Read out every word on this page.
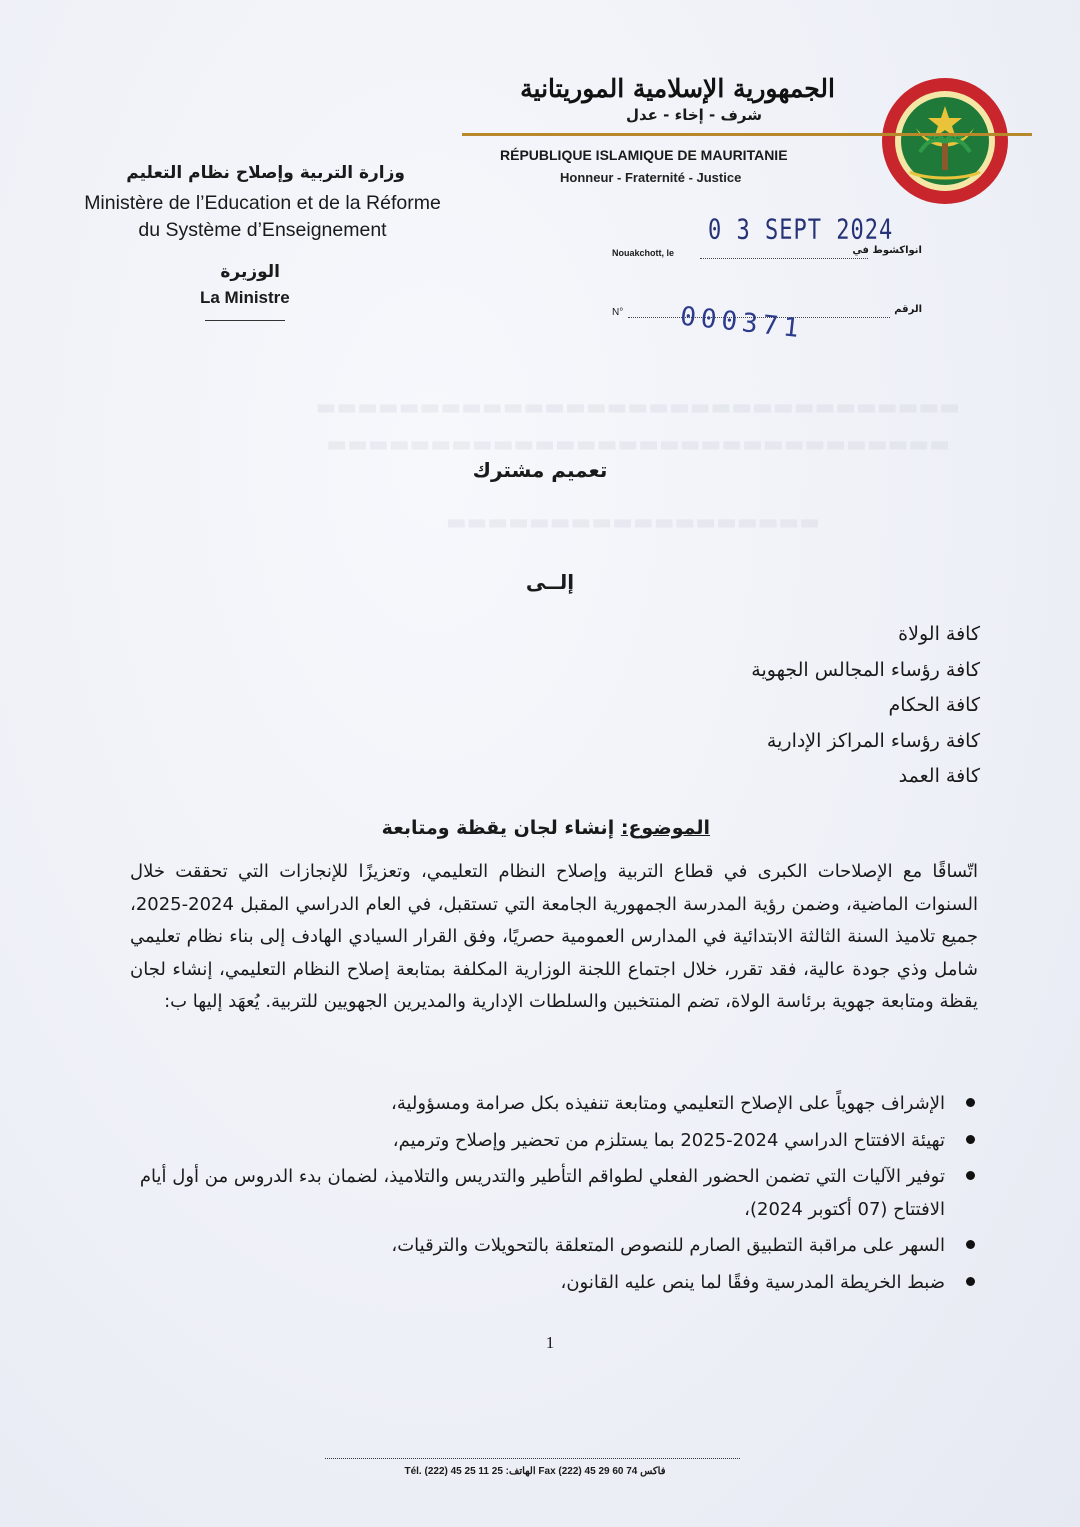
▬▬▬▬▬▬▬▬▬▬▬▬▬▬▬▬▬▬▬▬▬▬▬▬▬▬▬▬▬▬▬
▬▬▬▬▬▬▬▬▬▬▬▬▬▬▬▬▬▬▬▬▬▬▬▬▬▬▬▬▬▬
▬▬▬▬▬▬▬▬▬▬▬▬▬▬▬▬▬▬
الجمهورية الإسلامية الموريتانية
شرف - إخاء - عدل
RÉPUBLIQUE ISLAMIQUE DE MAURITANIE
Honneur - Fraternité - Justice
وزارة التربية وإصلاح نظام التعليم
Ministère de l’Education et de la Réforme
du Système d’Enseignement
الوزيرة
La Ministre
0 3 SEPT 2024
Nouakchott, le	انواكشوط في
N°	الرقم
000371
تعميم مشترك
إلــى
كافة الولاة
كافة رؤساء المجالس الجهوية
كافة الحكام
كافة رؤساء المراكز الإدارية
كافة العمد
الموضوع: إنشاء لجان يقظة ومتابعة
اتّساقًا مع الإصلاحات الكبرى في قطاع التربية وإصلاح النظام التعليمي، وتعزيزًا للإنجازات التي تحققت خلال السنوات الماضية، وضمن رؤية المدرسة الجمهورية الجامعة التي تستقبل، في العام الدراسي المقبل 2024-2025، جميع تلاميذ السنة الثالثة الابتدائية في المدارس العمومية حصريًا، وفق القرار السيادي الهادف إلى بناء نظام تعليمي شامل وذي جودة عالية، فقد تقرر، خلال اجتماع اللجنة الوزارية المكلفة بمتابعة إصلاح النظام التعليمي، إنشاء لجان يقظة ومتابعة جهوية برئاسة الولاة، تضم المنتخبين والسلطات الإدارية والمديرين الجهويين للتربية. يُعهَد إليها ب:
الإشراف جهوياً على الإصلاح التعليمي ومتابعة تنفيذه بكل صرامة ومسؤولية،
تهيئة الافتتاح الدراسي 2024-2025 بما يستلزم من تحضير وإصلاح وترميم،
توفير الآليات التي تضمن الحضور الفعلي لطواقم التأطير والتدريس والتلاميذ، لضمان بدء الدروس من أول أيام الافتتاح (07 أكتوبر 2024)،
السهر على مراقبة التطبيق الصارم للنصوص المتعلقة بالتحويلات والترقيات،
ضبط الخريطة المدرسية وفقًا لما ينص عليه القانون،
1
Tél. (222) 45 25 11 25 :الهاتف Fax (222) 45 29 60 74 فاكس
